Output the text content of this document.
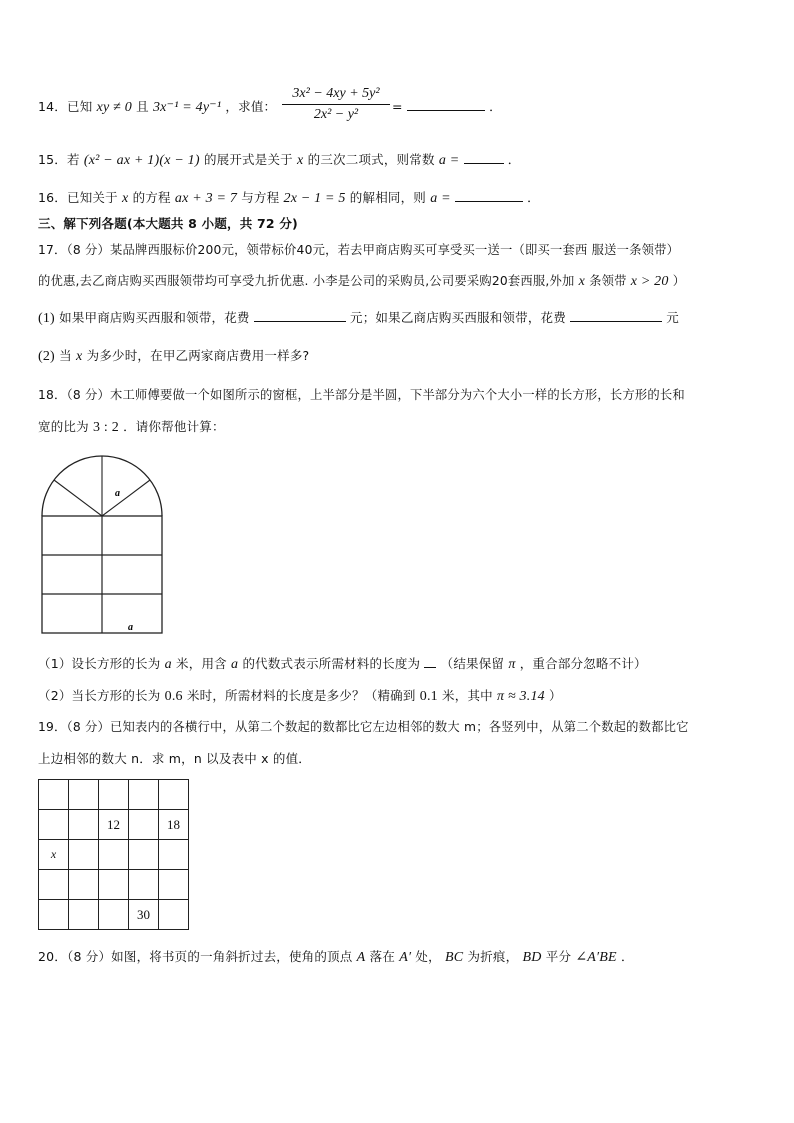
14．已知 xy ≠ 0 且 3x⁻¹ = 4y⁻¹ ，求值： $\frac{\text{3x² − 4xy + 5y²}}{\text{2x² − y²}}$ =	．
15．若 (x² − ax + 1)(x − 1) 的展开式是关于 x 的三次二项式，则常数 a =	．
16．已知关于 x 的方程 ax + 3 = 7 与方程 2x − 1 = 5 的解相同，则 a =	．
三、解下列各题(本大题共 8 小题，共 72 分)
17．（8 分）某品牌西服标价200元，领带标价40元，若去甲商店购买可享受买一送一（即买一套西 服送一条领带）
的优惠,去乙商店购买西服领带均可享受九折优惠. 小李是公司的采购员,公司要采购20套西服,外加 x 条领带 x > 20 ）
(1) 如果甲商店购买西服和领带，花费	元；如果乙商店购买西服和领带，花费	元
(2) 当 x 为多少时，在甲乙两家商店费用一样多?
18．（8 分）木工师傅要做一个如图所示的窗框，上半部分是半圆，下半部分为六个大小一样的长方形，长方形的长和
宽的比为 3 : 2 ．请你帮他计算：
a
a
（1）设长方形的长为 a 米，用含 a 的代数式表示所需材料的长度为 （结果保留 π ，重合部分忽略不计）
（2）当长方形的长为 0.6 米时，所需材料的长度是多少？（精确到 0.1 米，其中 π ≈ 3.14 ）
19．（8 分）已知表内的各横行中，从第二个数起的数都比它左边相邻的数大 m；各竖列中，从第二个数起的数都比它
上边相邻的数大 n．求 m，n 以及表中 x 的值．

		12		18
x				

			30	
20．（8 分）如图，将书页的一角斜折过去，使角的顶点 A 落在 A′ 处， BC 为折痕， BD 平分 ∠A′BE ．
